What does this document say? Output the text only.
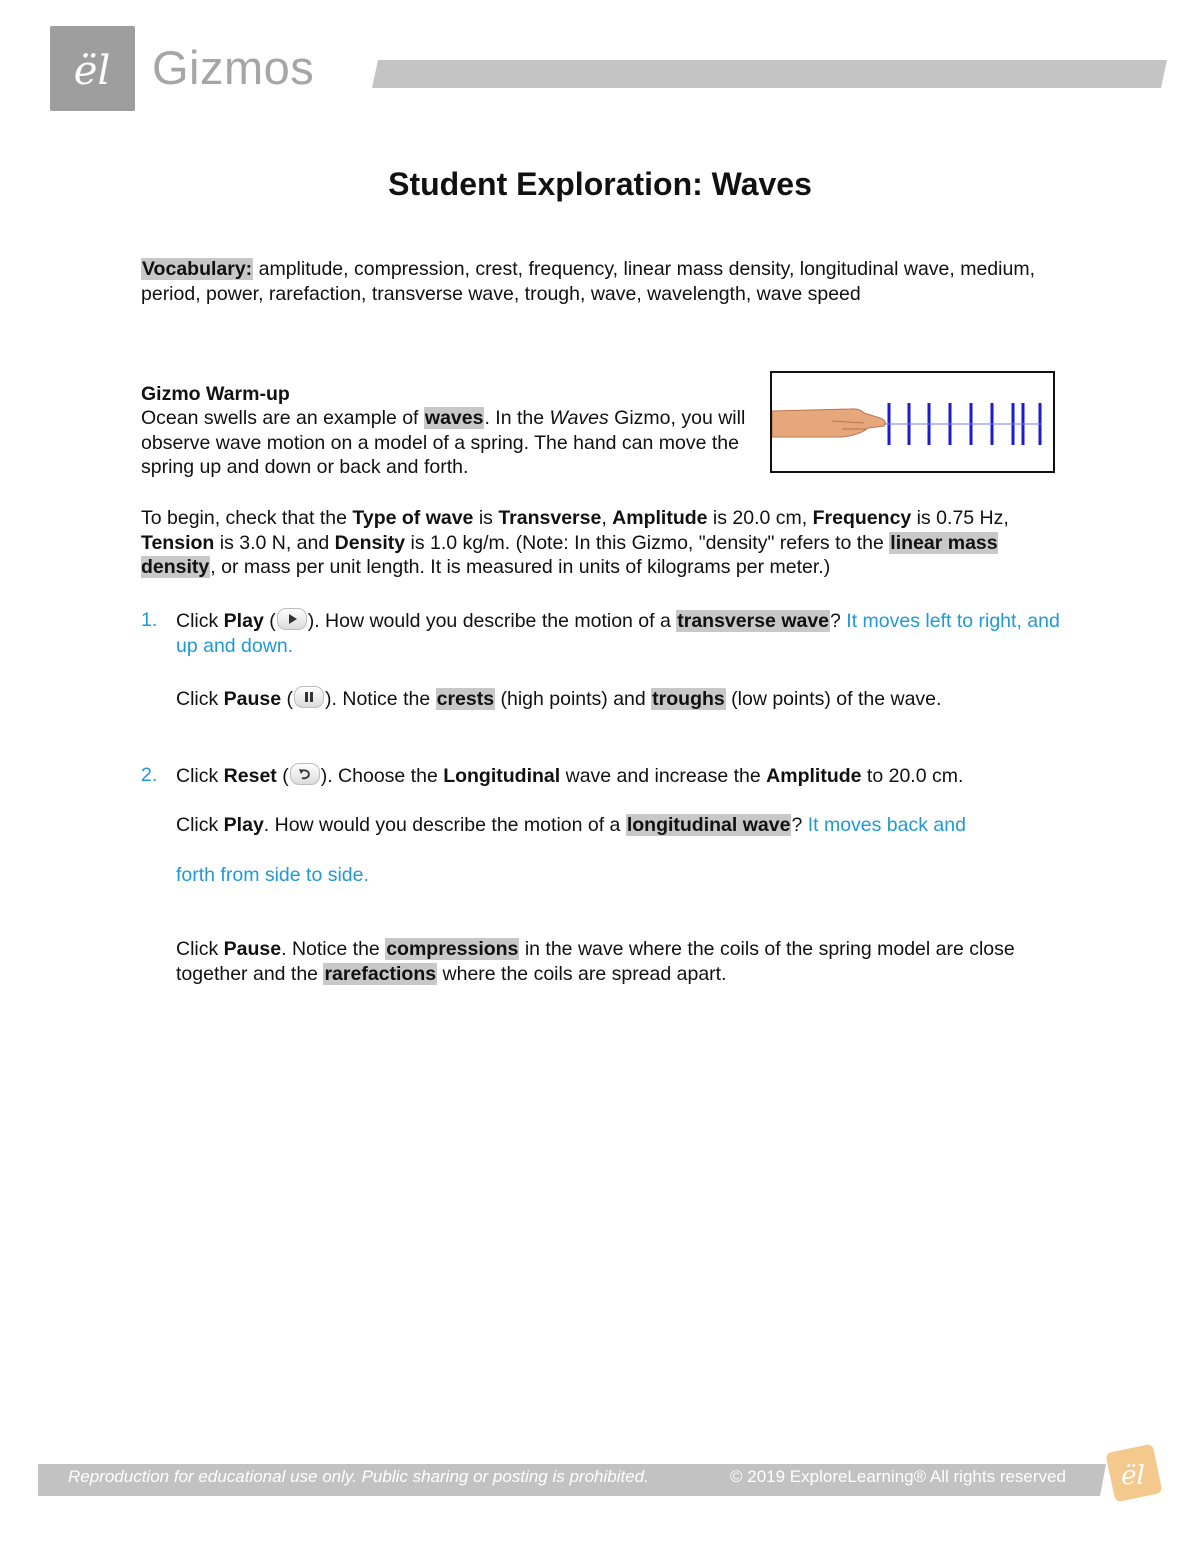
ël Gizmos
Student Exploration: Waves
Vocabulary: amplitude, compression, crest, frequency, linear mass density, longitudinal wave, medium, period, power, rarefaction, transverse wave, trough, wave, wavelength, wave speed
Gizmo Warm-up
Ocean swells are an example of waves. In the Waves Gizmo, you will observe wave motion on a model of a spring. The hand can move the spring up and down or back and forth.
To begin, check that the Type of wave is Transverse, Amplitude is 20.0 cm, Frequency is 0.75 Hz, Tension is 3.0 N, and Density is 1.0 kg/m. (Note: In this Gizmo, "density" refers to the linear mass density, or mass per unit length. It is measured in units of kilograms per meter.)
1. Click Play ( ). How would you describe the motion of a transverse wave? It moves left to right, and up and down.
Click Pause ( ). Notice the crests (high points) and troughs (low points) of the wave.
2. Click Reset ( ). Choose the Longitudinal wave and increase the Amplitude to 20.0 cm.
Click Play. How would you describe the motion of a longitudinal wave? It moves back and
forth from side to side.
Click Pause. Notice the compressions in the wave where the coils of the spring model are close together and the rarefactions where the coils are spread apart.
Reproduction for educational use only. Public sharing or posting is prohibited.	© 2019 ExploreLearning® All rights reserved ël
